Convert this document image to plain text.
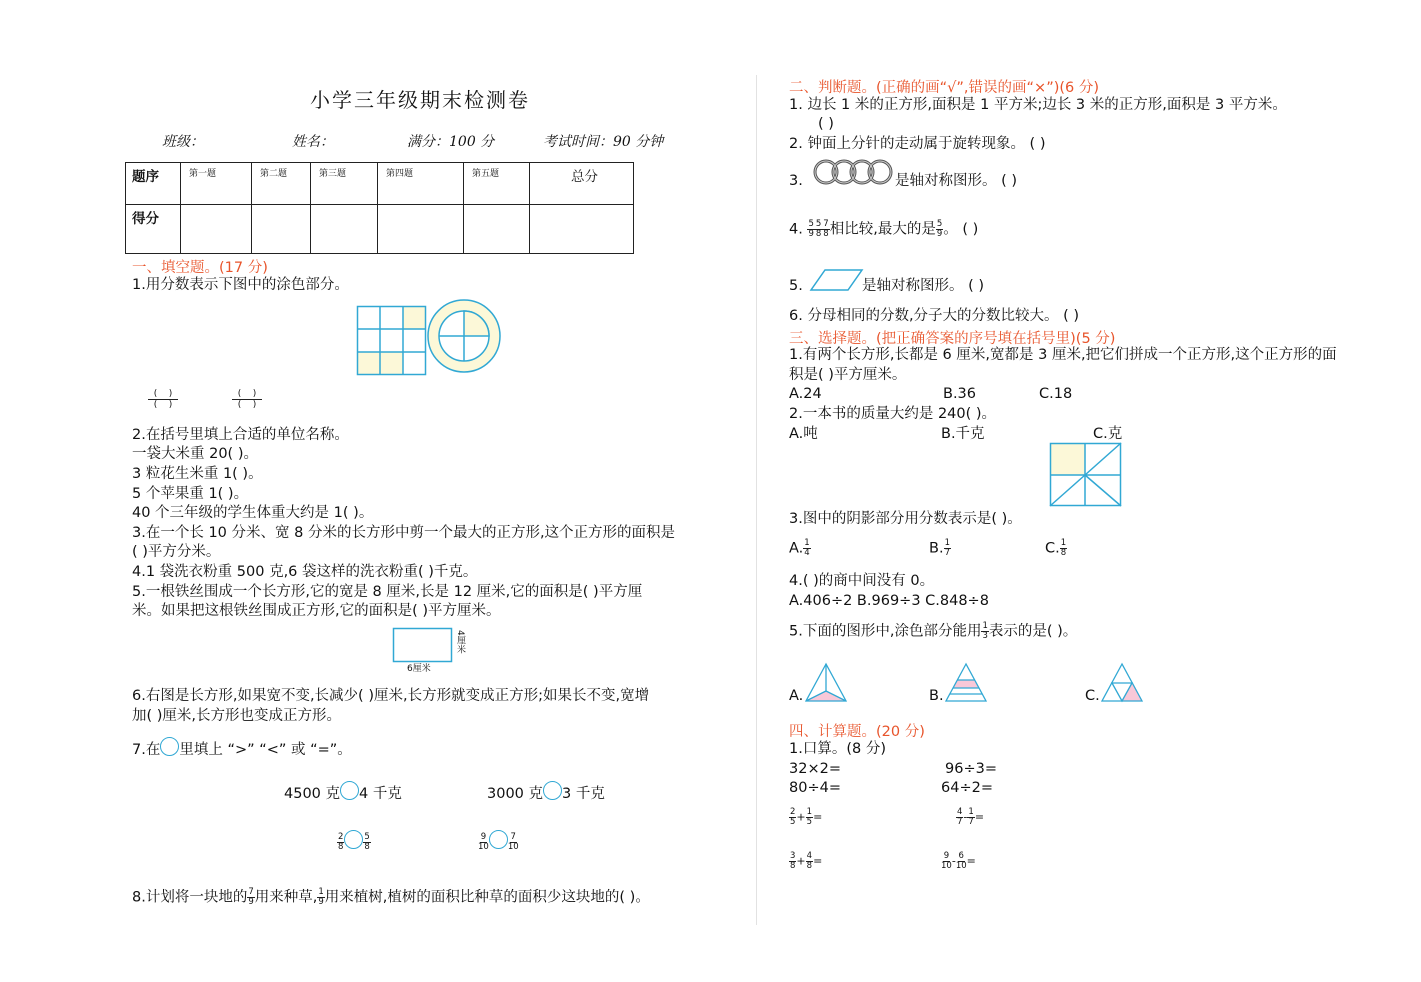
小学三年级期末检测卷
班级：	姓名：	满分：100 分	考试时间：90 分钟
题序	第一题	第二题	第三题	第四题	第五题	总分
得分						
一、填空题。(17 分)
1.用分数表示下图中的涂色部分。
(    )
(    )
(    )
(    )
2.在括号里填上合适的单位名称。
一袋大米重 20( )。
3 粒花生米重 1( )。
5 个苹果重 1( )。
40 个三年级的学生体重大约是 1( )。
3.在一个长 10 分米、宽 8 分米的长方形中剪一个最大的正方形,这个正方形的面积是
( )平方分米。
4.1 袋洗衣粉重 500 克,6 袋这样的洗衣粉重( )千克。
5.一根铁丝围成一个长方形,它的宽是 8 厘米,长是 12 厘米,它的面积是( )平方厘
米。如果把这根铁丝围成正方形,它的面积是( )平方厘米。
4厘米
6厘米
6.右图是长方形,如果宽不变,长减少( )厘米,长方形就变成正方形;如果长不变,宽增
加( )厘米,长方形也变成正方形。
7.在 里填上 “>” “<” 或 “=”。
4500 克 4 千克	3000 克 3 千克
$\frac{2}{8} \frac{5}{8}$	$\frac{9}{10} \frac{7}{10}$
8.计划将一块地的 $\frac{7}{9}$ 用来种草, $\frac{1}{9}$ 用来植树,植树的面积比种草的面积少这块地的( )。
二、判断题。(正确的画“√”,错误的画“×”)(6 分)
1. 边长 1 米的正方形,面积是 1 平方米;边长 3 米的正方形,面积是 3 平方米。
( )
2. 钟面上分针的走动属于旋转现象。 ( )
3.	是轴对称图形。 ( )
4. $\frac{5}{9} \frac{5}{8} \frac{7}{8}$ 相比较,最大的是 $\frac{5}{9}$ 。 ( )
5.	是轴对称图形。 ( )
6. 分母相同的分数,分子大的分数比较大。 ( )
三、选择题。(把正确答案的序号填在括号里)(5 分)
1.有两个长方形,长都是 6 厘米,宽都是 3 厘米,把它们拼成一个正方形,这个正方形的面
积是( )平方厘米。
A.24	B.36	C.18
2.一本书的质量大约是 240( )。
A.吨	B.千克	C.克
3.图中的阴影部分用分数表示是( )。
A. $\frac{1}{4}$	B. $\frac{1}{7}$	C. $\frac{1}{8}$
4.( )的商中间没有 0。
A.406÷2 B.969÷3 C.848÷8
5.下面的图形中,涂色部分能用 $\frac{1}{3}$ 表示的是( )。
A.	B.	C.
四、计算题。(20 分)
1.口算。(8 分)
32×2=	96÷3=
80÷4=	64÷2=
$\frac{2}{5} + \frac{1}{5}$ =	$\frac{4}{7} - \frac{1}{7}$ =
$\frac{3}{8} + \frac{4}{8}$ =	$\frac{9}{10} - \frac{6}{10}$ =
